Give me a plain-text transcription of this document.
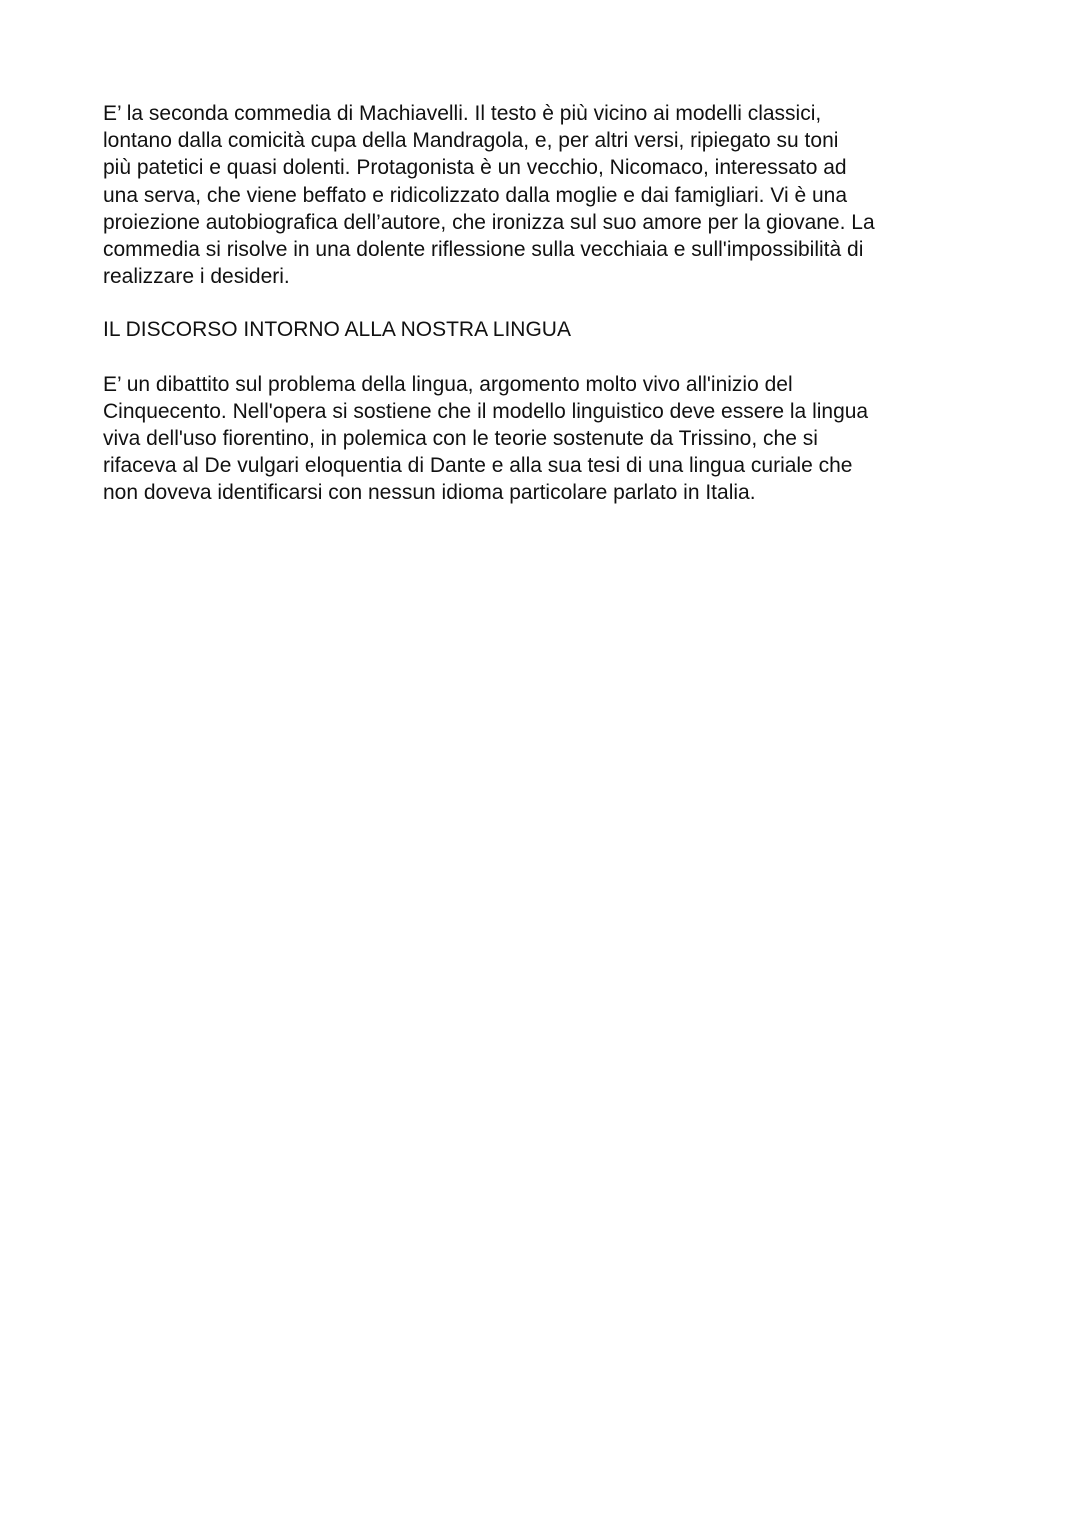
E’ la seconda commedia di Machiavelli. Il testo è più vicino ai modelli classici,
lontano dalla comicità cupa della Mandragola, e, per altri versi, ripiegato su toni
più patetici e quasi dolenti. Protagonista è un vecchio, Nicomaco, interessato ad
una serva, che viene beffato e ridicolizzato dalla moglie e dai famigliari. Vi è una
proiezione autobiografica dell’autore, che ironizza sul suo amore per la giovane. La
commedia si risolve in una dolente riflessione sulla vecchiaia e sull'impossibilità di
realizzare i desideri.

IL DISCORSO INTORNO ALLA NOSTRA LINGUA

E’ un dibattito sul problema della lingua, argomento molto vivo all'inizio del
Cinquecento. Nell'opera si sostiene che il modello linguistico deve essere la lingua
viva dell'uso fiorentino, in polemica con le teorie sostenute da Trissino, che si
rifaceva al De vulgari eloquentia di Dante e alla sua tesi di una lingua curiale che
non doveva identificarsi con nessun idioma particolare parlato in Italia.
